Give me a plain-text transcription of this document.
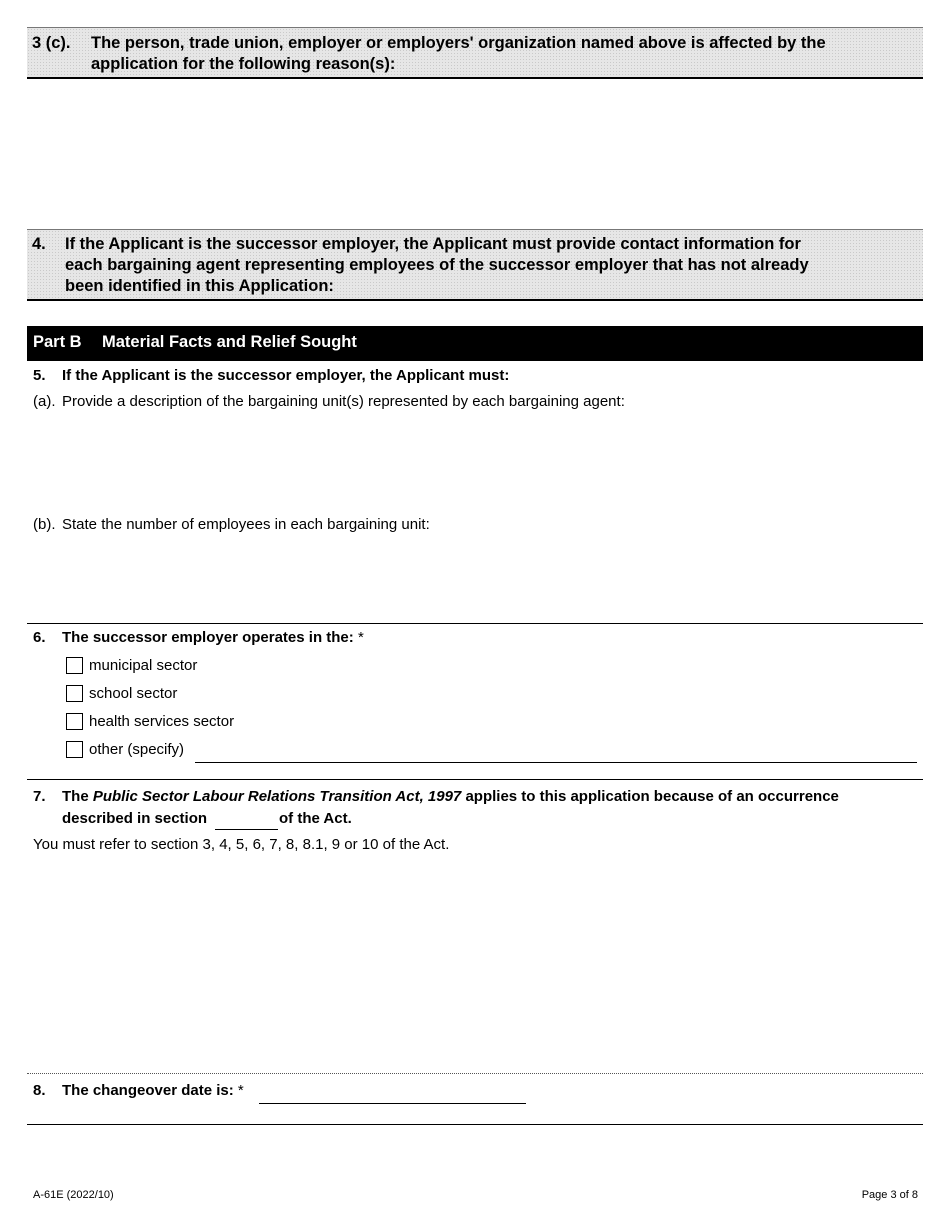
3 (c). The person, trade union, employer or employers' organization named above is affected by the application for the following reason(s):
4. If the Applicant is the successor employer, the Applicant must provide contact information for each bargaining agent representing employees of the successor employer that has not already been identified in this Application:
Part B Material Facts and Relief Sought
5. If the Applicant is the successor employer, the Applicant must:
(a). Provide a description of the bargaining unit(s) represented by each bargaining agent:
(b). State the number of employees in each bargaining unit:
6. The successor employer operates in the: *
municipal sector
school sector
health services sector
other (specify)
7. The Public Sector Labour Relations Transition Act, 1997 applies to this application because of an occurrence
described in section	of the Act.
You must refer to section 3, 4, 5, 6, 7, 8, 8.1, 9 or 10 of the Act.
8. The changeover date is: *
A-61E (2022/10)	Page 3 of 8
